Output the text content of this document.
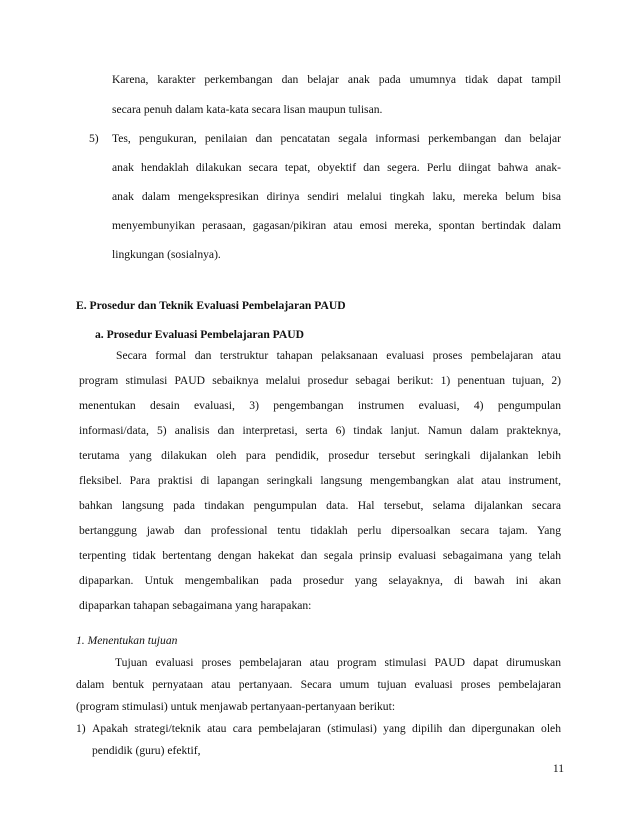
Karena, karakter perkembangan dan belajar anak pada umumnya tidak dapat tampil
secara penuh dalam kata-kata secara lisan maupun tulisan.
5) Tes, pengukuran, penilaian dan pencatatan segala informasi perkembangan dan belajar
anak hendaklah dilakukan secara tepat, obyektif dan segera. Perlu diingat bahwa anak-
anak dalam mengekspresikan dirinya sendiri melalui tingkah laku, mereka belum bisa
menyembunyikan perasaan, gagasan/pikiran atau emosi mereka, spontan bertindak dalam
lingkungan (sosialnya).
E. Prosedur dan Teknik Evaluasi Pembelajaran PAUD
a. Prosedur Evaluasi Pembelajaran PAUD
Secara formal dan terstruktur tahapan pelaksanaan evaluasi proses pembelajaran atau
program stimulasi PAUD sebaiknya melalui prosedur sebagai berikut: 1) penentuan tujuan, 2)
menentukan desain evaluasi, 3) pengembangan instrumen evaluasi, 4) pengumpulan
informasi/data, 5) analisis dan interpretasi, serta 6) tindak lanjut. Namun dalam prakteknya,
terutama yang dilakukan oleh para pendidik, prosedur tersebut seringkali dijalankan lebih
fleksibel. Para praktisi di lapangan seringkali langsung mengembangkan alat atau instrument,
bahkan langsung pada tindakan pengumpulan data. Hal tersebut, selama dijalankan secara
bertanggung jawab dan professional tentu tidaklah perlu dipersoalkan secara tajam. Yang
terpenting tidak bertentang dengan hakekat dan segala prinsip evaluasi sebagaimana yang telah
dipaparkan. Untuk mengembalikan pada prosedur yang selayaknya, di bawah ini akan
dipaparkan tahapan sebagaimana yang harapakan:
1. Menentukan tujuan
Tujuan evaluasi proses pembelajaran atau program stimulasi PAUD dapat dirumuskan
dalam bentuk pernyataan atau pertanyaan. Secara umum tujuan evaluasi proses pembelajaran
(program stimulasi) untuk menjawab pertanyaan-pertanyaan berikut:
1) Apakah strategi/teknik atau cara pembelajaran (stimulasi) yang dipilih dan dipergunakan oleh
pendidik (guru) efektif,
11
